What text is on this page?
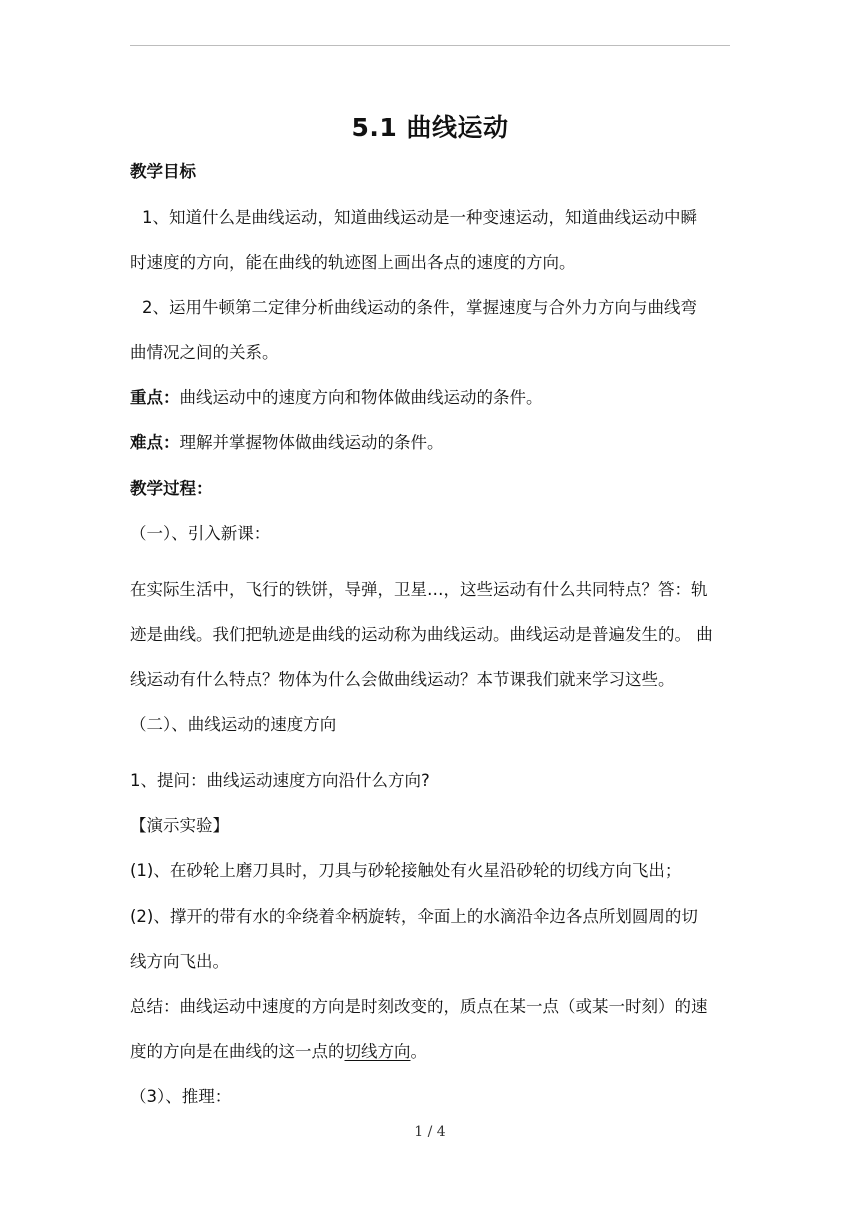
5.1 曲线运动
教学目标
1、知道什么是曲线运动，知道曲线运动是一种变速运动，知道曲线运动中瞬
时速度的方向，能在曲线的轨迹图上画出各点的速度的方向。
2、运用牛顿第二定律分析曲线运动的条件，掌握速度与合外力方向与曲线弯
曲情况之间的关系。
重点：曲线运动中的速度方向和物体做曲线运动的条件。
难点：理解并掌握物体做曲线运动的条件。
教学过程：
（一）、引入新课：
在实际生活中，飞行的铁饼，导弹，卫星…，这些运动有什么共同特点？答：轨
迹是曲线。我们把轨迹是曲线的运动称为曲线运动。曲线运动是普遍发生的。 曲
线运动有什么特点？物体为什么会做曲线运动？本节课我们就来学习这些。
（二）、曲线运动的速度方向
1、提问：曲线运动速度方向沿什么方向?
【演示实验】
(1)、在砂轮上磨刀具时，刀具与砂轮接触处有火星沿砂轮的切线方向飞出；
(2)、撑开的带有水的伞绕着伞柄旋转，伞面上的水滴沿伞边各点所划圆周的切
线方向飞出。
总结：曲线运动中速度的方向是时刻改变的，质点在某一点（或某一时刻）的速
度的方向是在曲线的这一点的切线方向。
（3）、推理：
1 / 4
